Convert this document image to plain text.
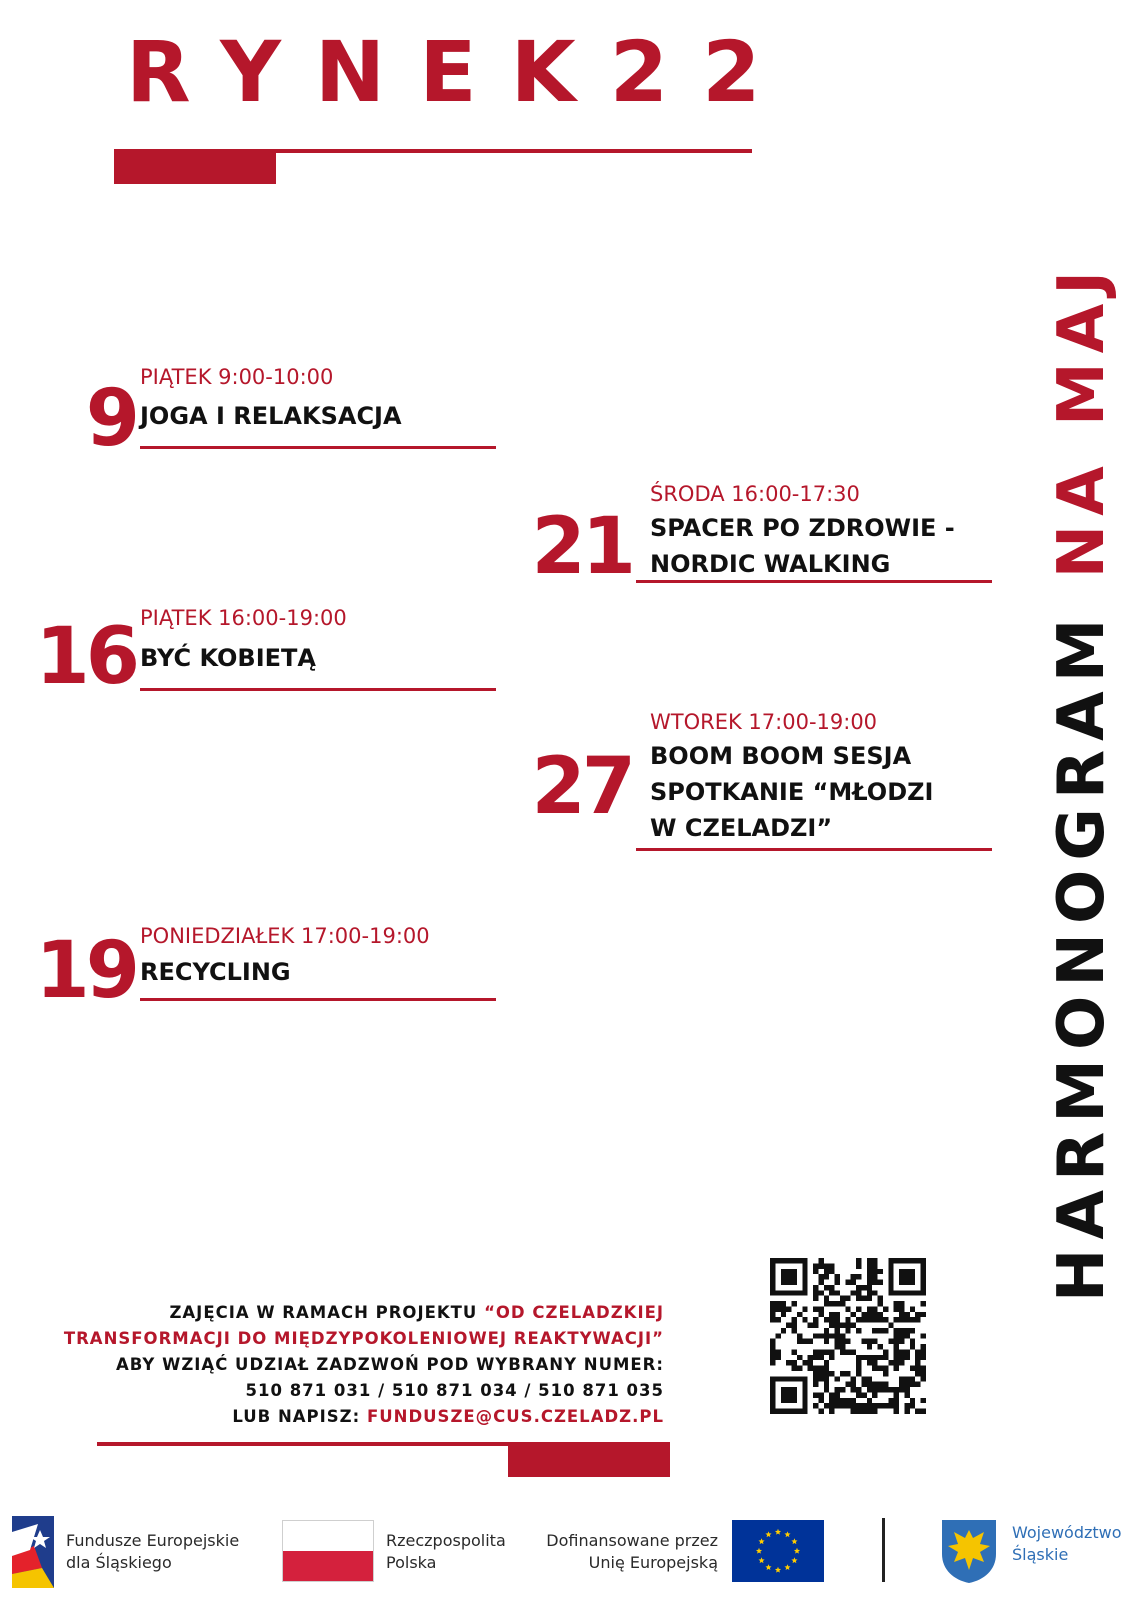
RYNEK22
HARMONOGRAM NA MAJ
9 PIĄTEK 9:00-10:00
JOGA I RELAKSACJA
21
ŚRODA 16:00-17:30
SPACER PO ZDROWIE -
NORDIC WALKING
16 PIĄTEK 16:00-19:00
BYĆ KOBIETĄ
27
WTOREK 17:00-19:00
BOOM BOOM SESJA
SPOTKANIE “MŁODZI
W CZELADZI”
19 PONIEDZIAŁEK 17:00-19:00
RECYCLING
ZAJĘCIA W RAMACH PROJEKTU “OD CZELADZKIEJ
TRANSFORMACJI DO MIĘDZYPOKOLENIOWEJ REAKTYWACJI”
ABY WZIĄĆ UDZIAŁ ZADZWOŃ POD WYBRANY NUMER:
510 871 031 / 510 871 034 / 510 871 035
LUB NAPISZ: FUNDUSZE@CUS.CZELADZ.PL
Fundusze Europejskie
dla Śląskiego
Rzeczpospolita
Polska
Dofinansowane przez
Unię Europejską
Województwo
Śląskie
